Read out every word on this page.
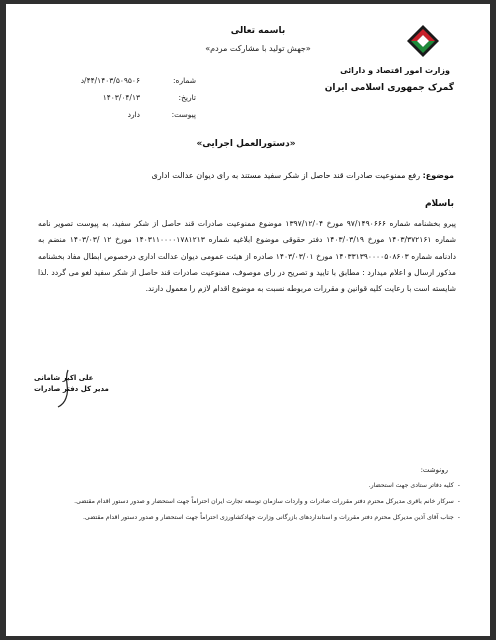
باسمه تعالی
«جهش تولید با مشارکت مردم»
وزارت امور اقتصاد و دارائی
گمرک جمهوری اسلامی ایران
شماره:
۴۴/۱۴۰۳/۵۰۹۵۰۶/د
تاریخ:
۱۴۰۳/۰۴/۱۳
پیوست:
دارد
«دستورالعمل اجرایی»
موضوع: رفع ممنوعیت صادرات قند حاصل از شکر سفید مستند به رای دیوان عدالت اداری
باسلام
پیرو بخشنامه شماره ۹۷/۱۴۹۰۶۶۶ مورخ ۱۳۹۷/۱۲/۰۴ موضوع ممنوعیت صادرات قند حاصل از شکر سفید، به پیوست تصویر نامه شماره ۱۴۰۳/۳۷۲۱۶۱ مورخ ۱۴۰۳/۰۳/۱۹ دفتر حقوقی موضوع ابلاغیه شماره ۱۴۰۳۱۱۰۰۰۰۱۷۸۱۲۱۳ مورخ ۱۲ /۱۴۰۳/۰۳ منضم به دادنامه شماره ۱۴۰۳۳۱۳۹۰۰۰۰۵۰۸۶۰۳ مورخ ۱۴۰۳/۰۳/۰۱ صادره از هیئت عمومی دیوان عدالت اداری درخصوص ابطال مفاد بخشنامه مذکور ارسال و اعلام میدارد : مطابق با تایید و تصریح در رای موصوف، ممنوعیت صادرات قند حاصل از شکر سفید لغو می گردد .لذا شایسته است با رعایت کلیه قوانین و مقررات مربوطه نسبت به موضوع اقدام لازم را معمول دارند.
علی اکبر شامانی
مدیر کل دفتر صادرات
رونوشت:
-کلیه دفاتر ستادی جهت استحضار.
-سرکار خانم باقری مدیرکل محترم دفتر مقررات صادرات و واردات سازمان توسعه تجارت ایران احتراماً جهت استحضار و صدور دستور اقدام مقتضی.
-جناب آقای آذین مدیرکل محترم دفتر مقررات و استانداردهای بازرگانی وزارت جهادکشاورزی احتراماً جهت استحضار و صدور دستور اقدام مقتضی.
